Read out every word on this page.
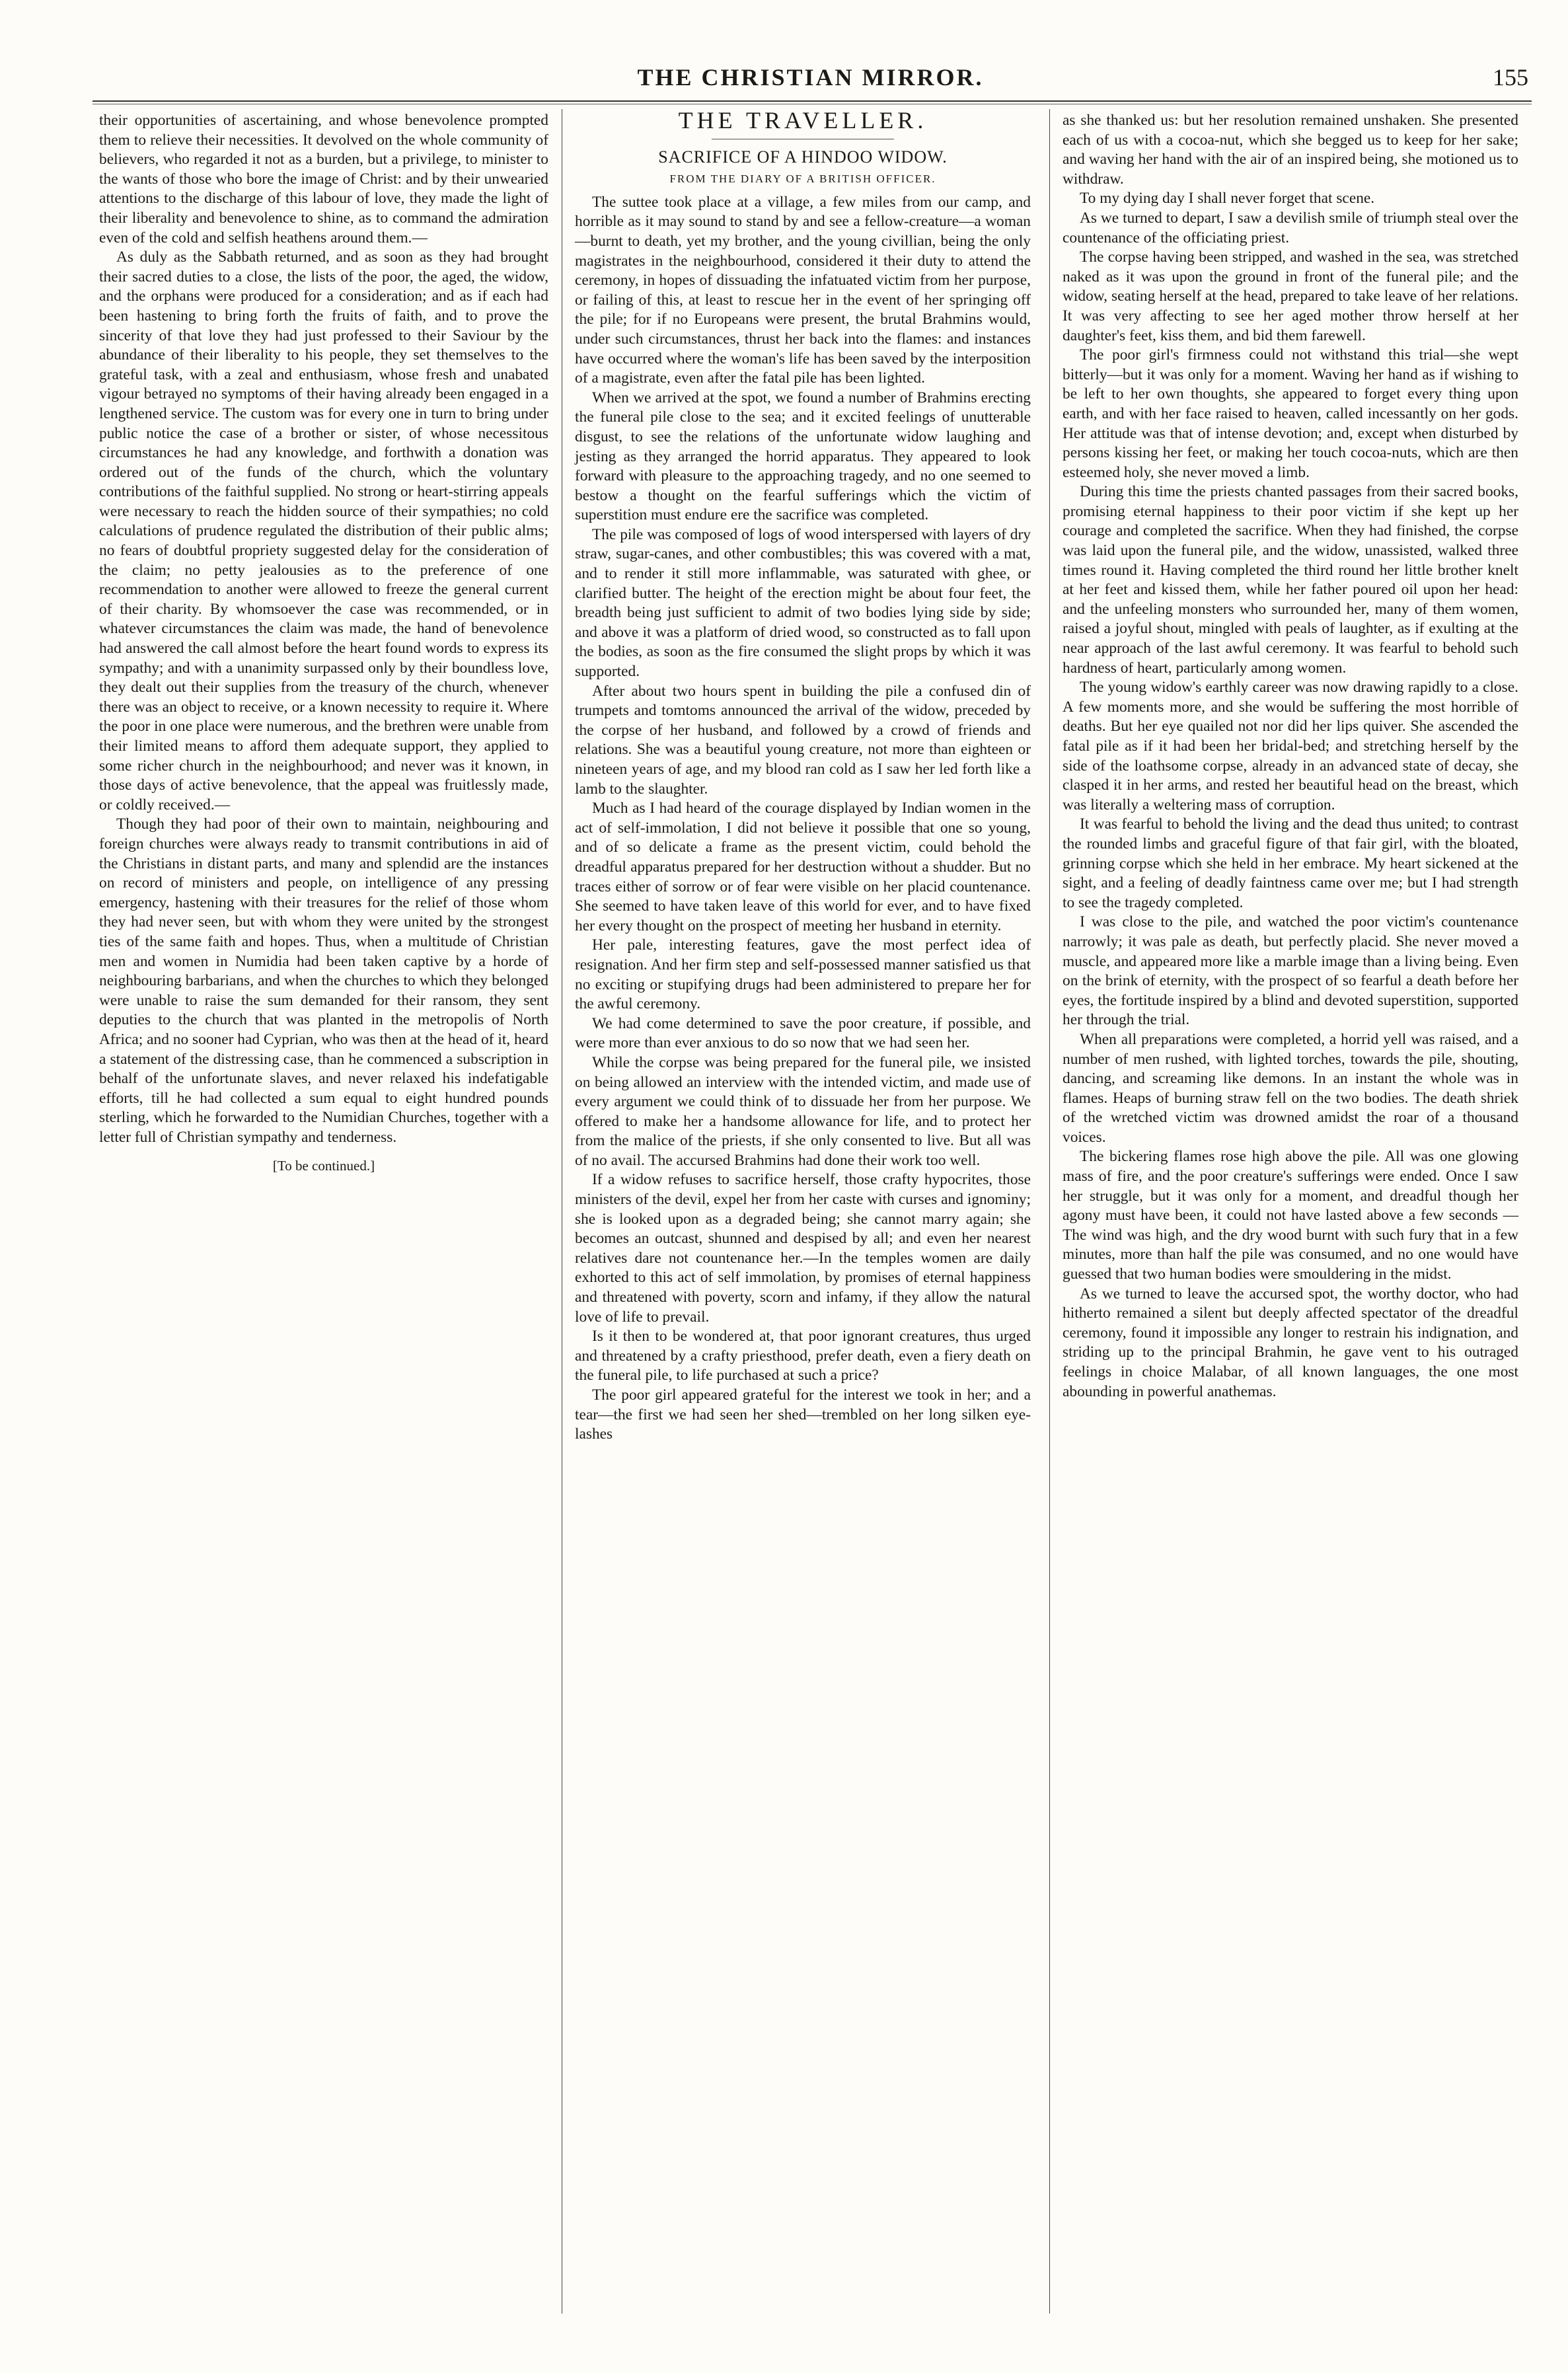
THE CHRISTIAN MIRROR.	155

their opportunities of ascertaining, and whose benevolence prompted them to relieve their necessities. It devolved on the whole community of believers, who regarded it not as a burden, but a privilege, to minister to the wants of those who bore the image of Christ: and by their unwearied attentions to the discharge of this labour of love, they made the light of their liberality and benevolence to shine, as to command the admiration even of the cold and selfish heathens around them.—

As duly as the Sabbath returned, and as soon as they had brought their sacred duties to a close, the lists of the poor, the aged, the widow, and the orphans were produced for a consideration; and as if each had been hastening to bring forth the fruits of faith, and to prove the sincerity of that love they had just professed to their Saviour by the abundance of their liberality to his people, they set themselves to the grateful task, with a zeal and enthusiasm, whose fresh and unabated vigour betrayed no symptoms of their having already been engaged in a lengthened service. The custom was for every one in turn to bring under public notice the case of a brother or sister, of whose necessitous circumstances he had any knowledge, and forthwith a donation was ordered out of the funds of the church, which the voluntary contributions of the faithful supplied. No strong or heart-stirring appeals were necessary to reach the hidden source of their sympathies; no cold calculations of prudence regulated the distribution of their public alms; no fears of doubtful propriety suggested delay for the consideration of the claim; no petty jealousies as to the preference of one recommendation to another were allowed to freeze the general current of their charity. By whomsoever the case was recommended, or in whatever circumstances the claim was made, the hand of benevolence had answered the call almost before the heart found words to express its sympathy; and with a unanimity surpassed only by their boundless love, they dealt out their supplies from the treasury of the church, whenever there was an object to receive, or a known necessity to require it. Where the poor in one place were numerous, and the brethren were unable from their limited means to afford them adequate support, they applied to some richer church in the neighbourhood; and never was it known, in those days of active benevolence, that the appeal was fruitlessly made, or coldly received.—

Though they had poor of their own to maintain, neighbouring and foreign churches were always ready to transmit contributions in aid of the Christians in distant parts, and many and splendid are the instances on record of ministers and people, on intelligence of any pressing emergency, hastening with their treasures for the relief of those whom they had never seen, but with whom they were united by the strongest ties of the same faith and hopes. Thus, when a multitude of Christian men and women in Numidia had been taken captive by a horde of neighbouring barbarians, and when the churches to which they belonged were unable to raise the sum demanded for their ransom, they sent deputies to the church that was planted in the metropolis of North Africa; and no sooner had Cyprian, who was then at the head of it, heard a statement of the distressing case, than he commenced a subscription in behalf of the unfortunate slaves, and never relaxed his indefatigable efforts, till he had collected a sum equal to eight hundred pounds sterling, which he forwarded to the Numidian Churches, together with a letter full of Christian sympathy and tenderness.

[To be continued.]

THE TRAVELLER.

SACRIFICE OF A HINDOO WIDOW.

FROM THE DIARY OF A BRITISH OFFICER.

The suttee took place at a village, a few miles from our camp, and horrible as it may sound to stand by and see a fellow-creature—a woman—burnt to death, yet my brother, and the young civillian, being the only magistrates in the neighbourhood, considered it their duty to attend the ceremony, in hopes of dissuading the infatuated victim from her purpose, or failing of this, at least to rescue her in the event of her springing off the pile; for if no Europeans were present, the brutal Brahmins would, under such circumstances, thrust her back into the flames: and instances have occurred where the woman's life has been saved by the interposition of a magistrate, even after the fatal pile has been lighted.

When we arrived at the spot, we found a number of Brahmins erecting the funeral pile close to the sea; and it excited feelings of unutterable disgust, to see the relations of the unfortunate widow laughing and jesting as they arranged the horrid apparatus. They appeared to look forward with pleasure to the approaching tragedy, and no one seemed to bestow a thought on the fearful sufferings which the victim of superstition must endure ere the sacrifice was completed.

The pile was composed of logs of wood interspersed with layers of dry straw, sugar-canes, and other combustibles; this was covered with a mat, and to render it still more inflammable, was saturated with ghee, or clarified butter. The height of the erection might be about four feet, the breadth being just sufficient to admit of two bodies lying side by side; and above it was a platform of dried wood, so constructed as to fall upon the bodies, as soon as the fire consumed the slight props by which it was supported.

After about two hours spent in building the pile a confused din of trumpets and tomtoms announced the arrival of the widow, preceded by the corpse of her husband, and followed by a crowd of friends and relations. She was a beautiful young creature, not more than eighteen or nineteen years of age, and my blood ran cold as I saw her led forth like a lamb to the slaughter.

Much as I had heard of the courage displayed by Indian women in the act of self-immolation, I did not believe it possible that one so young, and of so delicate a frame as the present victim, could behold the dreadful apparatus prepared for her destruction without a shudder. But no traces either of sorrow or of fear were visible on her placid countenance. She seemed to have taken leave of this world for ever, and to have fixed her every thought on the prospect of meeting her husband in eternity.

Her pale, interesting features, gave the most perfect idea of resignation. And her firm step and self-possessed manner satisfied us that no exciting or stupifying drugs had been administered to prepare her for the awful ceremony.

We had come determined to save the poor creature, if possible, and were more than ever anxious to do so now that we had seen her.

While the corpse was being prepared for the funeral pile, we insisted on being allowed an interview with the intended victim, and made use of every argument we could think of to dissuade her from her purpose. We offered to make her a handsome allowance for life, and to protect her from the malice of the priests, if she only consented to live. But all was of no avail. The accursed Brahmins had done their work too well.

If a widow refuses to sacrifice herself, those crafty hypocrites, those ministers of the devil, expel her from her caste with curses and ignominy; she is looked upon as a degraded being; she cannot marry again; she becomes an outcast, shunned and despised by all; and even her nearest relatives dare not countenance her.—In the temples women are daily exhorted to this act of self immolation, by promises of eternal happiness and threatened with poverty, scorn and infamy, if they allow the natural love of life to prevail.

Is it then to be wondered at, that poor ignorant creatures, thus urged and threatened by a crafty priesthood, prefer death, even a fiery death on the funeral pile, to life purchased at such a price?

The poor girl appeared grateful for the interest we took in her; and a tear—the first we had seen her shed—trembled on her long silken eye-lashes

as she thanked us: but her resolution remained unshaken. She presented each of us with a cocoa-nut, which she begged us to keep for her sake; and waving her hand with the air of an inspired being, she motioned us to withdraw.

To my dying day I shall never forget that scene.

As we turned to depart, I saw a devilish smile of triumph steal over the countenance of the officiating priest.

The corpse having been stripped, and washed in the sea, was stretched naked as it was upon the ground in front of the funeral pile; and the widow, seating herself at the head, prepared to take leave of her relations. It was very affecting to see her aged mother throw herself at her daughter's feet, kiss them, and bid them farewell.

The poor girl's firmness could not withstand this trial—she wept bitterly—but it was only for a moment. Waving her hand as if wishing to be left to her own thoughts, she appeared to forget every thing upon earth, and with her face raised to heaven, called incessantly on her gods. Her attitude was that of intense devotion; and, except when disturbed by persons kissing her feet, or making her touch cocoa-nuts, which are then esteemed holy, she never moved a limb.

During this time the priests chanted passages from their sacred books, promising eternal happiness to their poor victim if she kept up her courage and completed the sacrifice. When they had finished, the corpse was laid upon the funeral pile, and the widow, unassisted, walked three times round it. Having completed the third round her little brother knelt at her feet and kissed them, while her father poured oil upon her head: and the unfeeling monsters who surrounded her, many of them women, raised a joyful shout, mingled with peals of laughter, as if exulting at the near approach of the last awful ceremony. It was fearful to behold such hardness of heart, particularly among women.

The young widow's earthly career was now drawing rapidly to a close. A few moments more, and she would be suffering the most horrible of deaths. But her eye quailed not nor did her lips quiver. She ascended the fatal pile as if it had been her bridal-bed; and stretching herself by the side of the loathsome corpse, already in an advanced state of decay, she clasped it in her arms, and rested her beautiful head on the breast, which was literally a weltering mass of corruption.

It was fearful to behold the living and the dead thus united; to contrast the rounded limbs and graceful figure of that fair girl, with the bloated, grinning corpse which she held in her embrace. My heart sickened at the sight, and a feeling of deadly faintness came over me; but I had strength to see the tragedy completed.

I was close to the pile, and watched the poor victim's countenance narrowly; it was pale as death, but perfectly placid. She never moved a muscle, and appeared more like a marble image than a living being. Even on the brink of eternity, with the prospect of so fearful a death before her eyes, the fortitude inspired by a blind and devoted superstition, supported her through the trial.

When all preparations were completed, a horrid yell was raised, and a number of men rushed, with lighted torches, towards the pile, shouting, dancing, and screaming like demons. In an instant the whole was in flames. Heaps of burning straw fell on the two bodies. The death shriek of the wretched victim was drowned amidst the roar of a thousand voices.

The bickering flames rose high above the pile. All was one glowing mass of fire, and the poor creature's sufferings were ended. Once I saw her struggle, but it was only for a moment, and dreadful though her agony must have been, it could not have lasted above a few seconds — The wind was high, and the dry wood burnt with such fury that in a few minutes, more than half the pile was consumed, and no one would have guessed that two human bodies were smouldering in the midst.

As we turned to leave the accursed spot, the worthy doctor, who had hitherto remained a silent but deeply affected spectator of the dreadful ceremony, found it impossible any longer to restrain his indignation, and striding up to the principal Brahmin, he gave vent to his outraged feelings in choice Malabar, of all known languages, the one most abounding in powerful anathemas.
